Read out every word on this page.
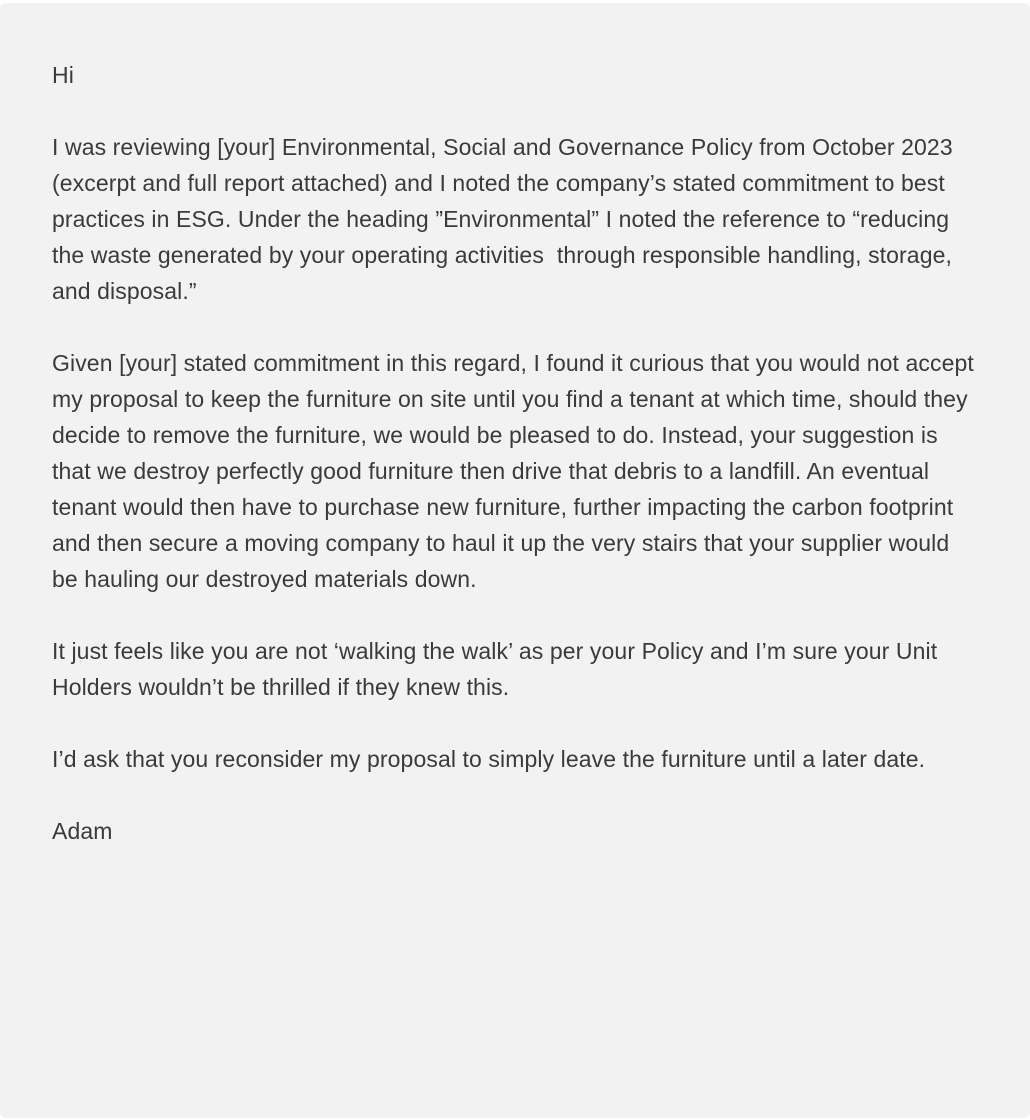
Hi

I was reviewing [your] Environmental, Social and Governance Policy from October 2023 (excerpt and full report attached) and I noted the company’s stated commitment to best practices in ESG. Under the heading ”Environmental” I noted the reference to “reducing the waste generated by your operating activities  through responsible handling, storage, and disposal.”

Given [your] stated commitment in this regard, I found it curious that you would not accept my proposal to keep the furniture on site until you find a tenant at which time, should they decide to remove the furniture, we would be pleased to do. Instead, your suggestion is that we destroy perfectly good furniture then drive that debris to a landfill. An eventual tenant would then have to purchase new furniture, further impacting the carbon footprint and then secure a moving company to haul it up the very stairs that your supplier would be hauling our destroyed materials down.

It just feels like you are not ‘walking the walk’ as per your Policy and I’m sure your Unit Holders wouldn’t be thrilled if they knew this.

I’d ask that you reconsider my proposal to simply leave the furniture until a later date.

Adam
